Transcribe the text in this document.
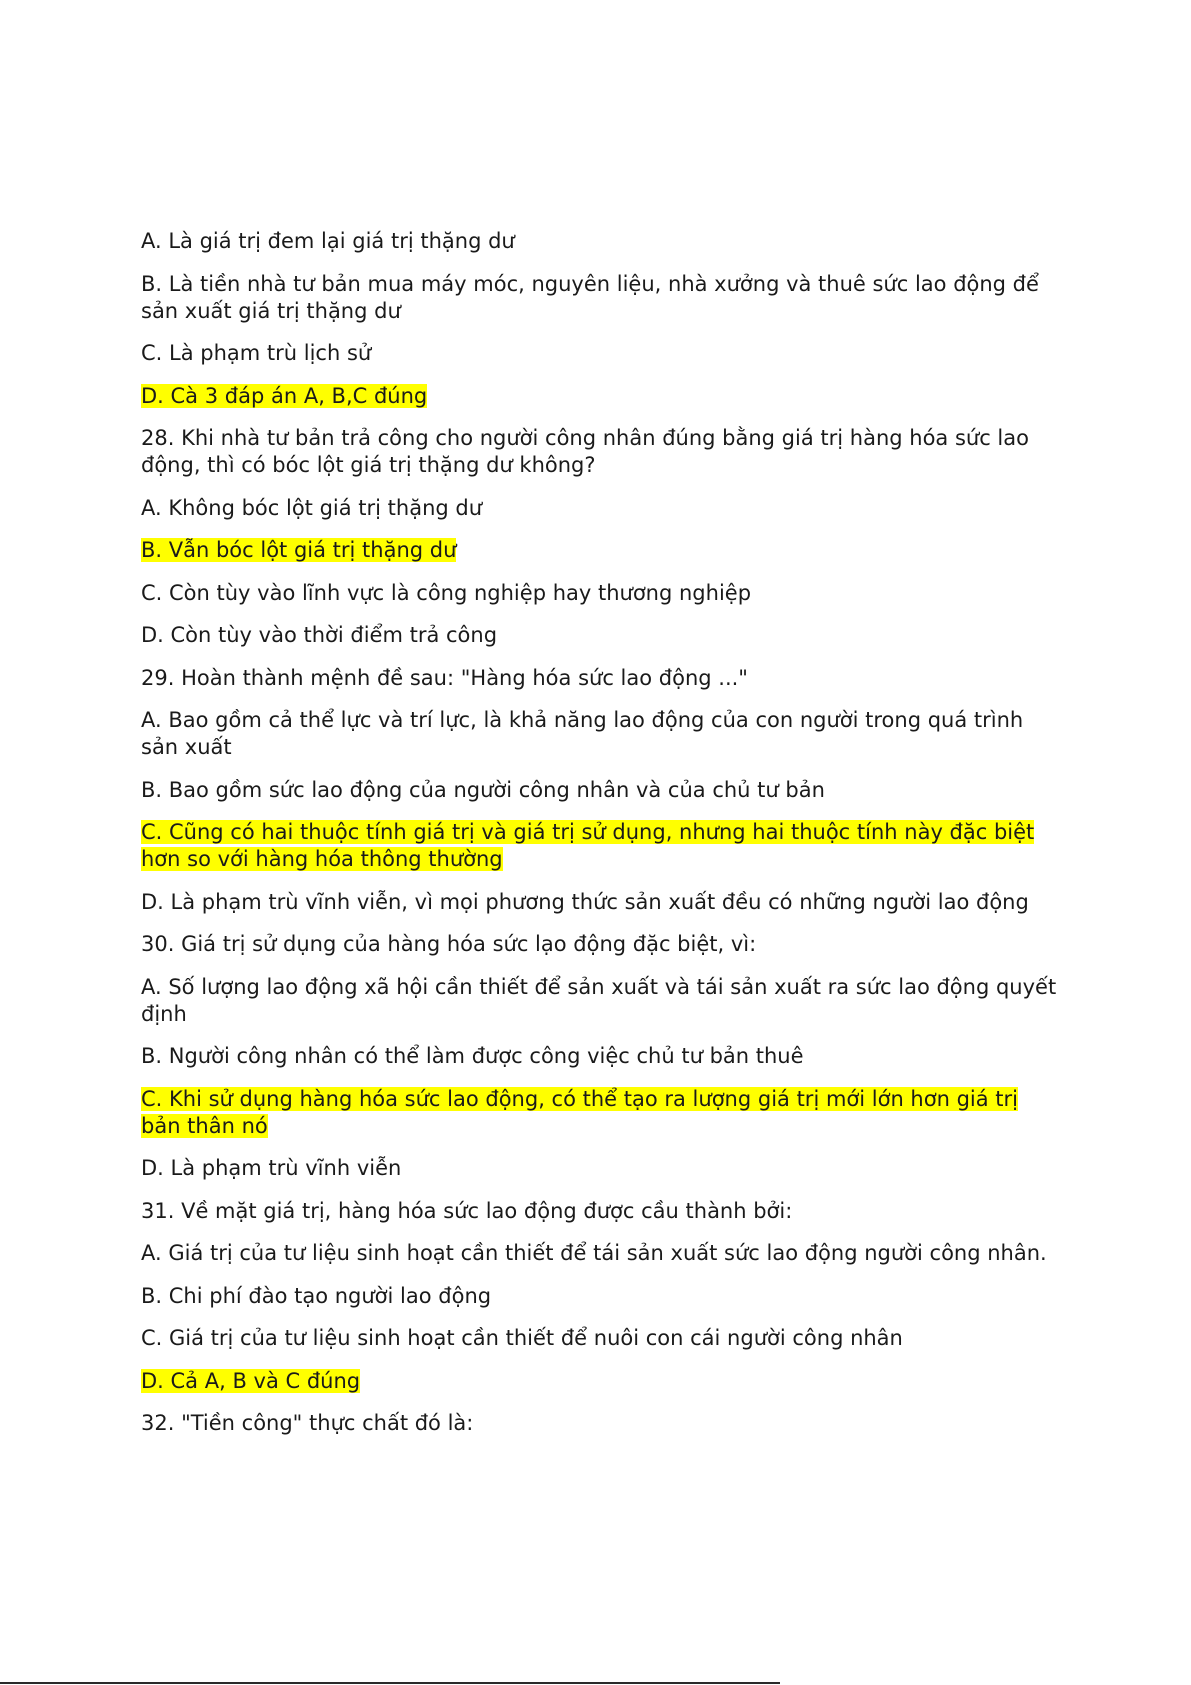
A. Là giá trị đem lại giá trị thặng dư

B. Là tiền nhà tư bản mua máy móc, nguyên liệu, nhà xưởng và thuê sức lao động để sản xuất giá trị thặng dư

C. Là phạm trù lịch sử

D. Cà 3 đáp án A, B,C đúng

28. Khi nhà tư bản trả công cho người công nhân đúng bằng giá trị hàng hóa sức lao động, thì có bóc lột giá trị thặng dư không?

A. Không bóc lột giá trị thặng dư

B. Vẫn bóc lột giá trị thặng dư

C. Còn tùy vào lĩnh vực là công nghiệp hay thương nghiệp

D. Còn tùy vào thời điểm trả công

29. Hoàn thành mệnh đề sau: "Hàng hóa sức lao động ..."

A. Bao gồm cả thể lực và trí lực, là khả năng lao động của con người trong quá trình sản xuất

B. Bao gồm sức lao động của người công nhân và của chủ tư bản

C. Cũng có hai thuộc tính giá trị và giá trị sử dụng, nhưng hai thuộc tính này đặc biệt hơn so với hàng hóa thông thường

D. Là phạm trù vĩnh viễn, vì mọi phương thức sản xuất đều có những người lao động

30. Giá trị sử dụng của hàng hóa sức lạo động đặc biệt, vì:

A. Số lượng lao động xã hội cần thiết để sản xuất và tái sản xuất ra sức lao động quyết định

B. Người công nhân có thể làm được công việc chủ tư bản thuê

C. Khi sử dụng hàng hóa sức lao động, có thể tạo ra lượng giá trị mới lớn hơn giá trị bản thân nó

D. Là phạm trù vĩnh viễn

31. Về mặt giá trị, hàng hóa sức lao động được cầu thành bởi:

A. Giá trị của tư liệu sinh hoạt cần thiết để tái sản xuất sức lao động người công nhân.

B. Chi phí đào tạo người lao động

C. Giá trị của tư liệu sinh hoạt cần thiết để nuôi con cái người công nhân

D. Cả A, B và C đúng

32. "Tiền công" thực chất đó là:
